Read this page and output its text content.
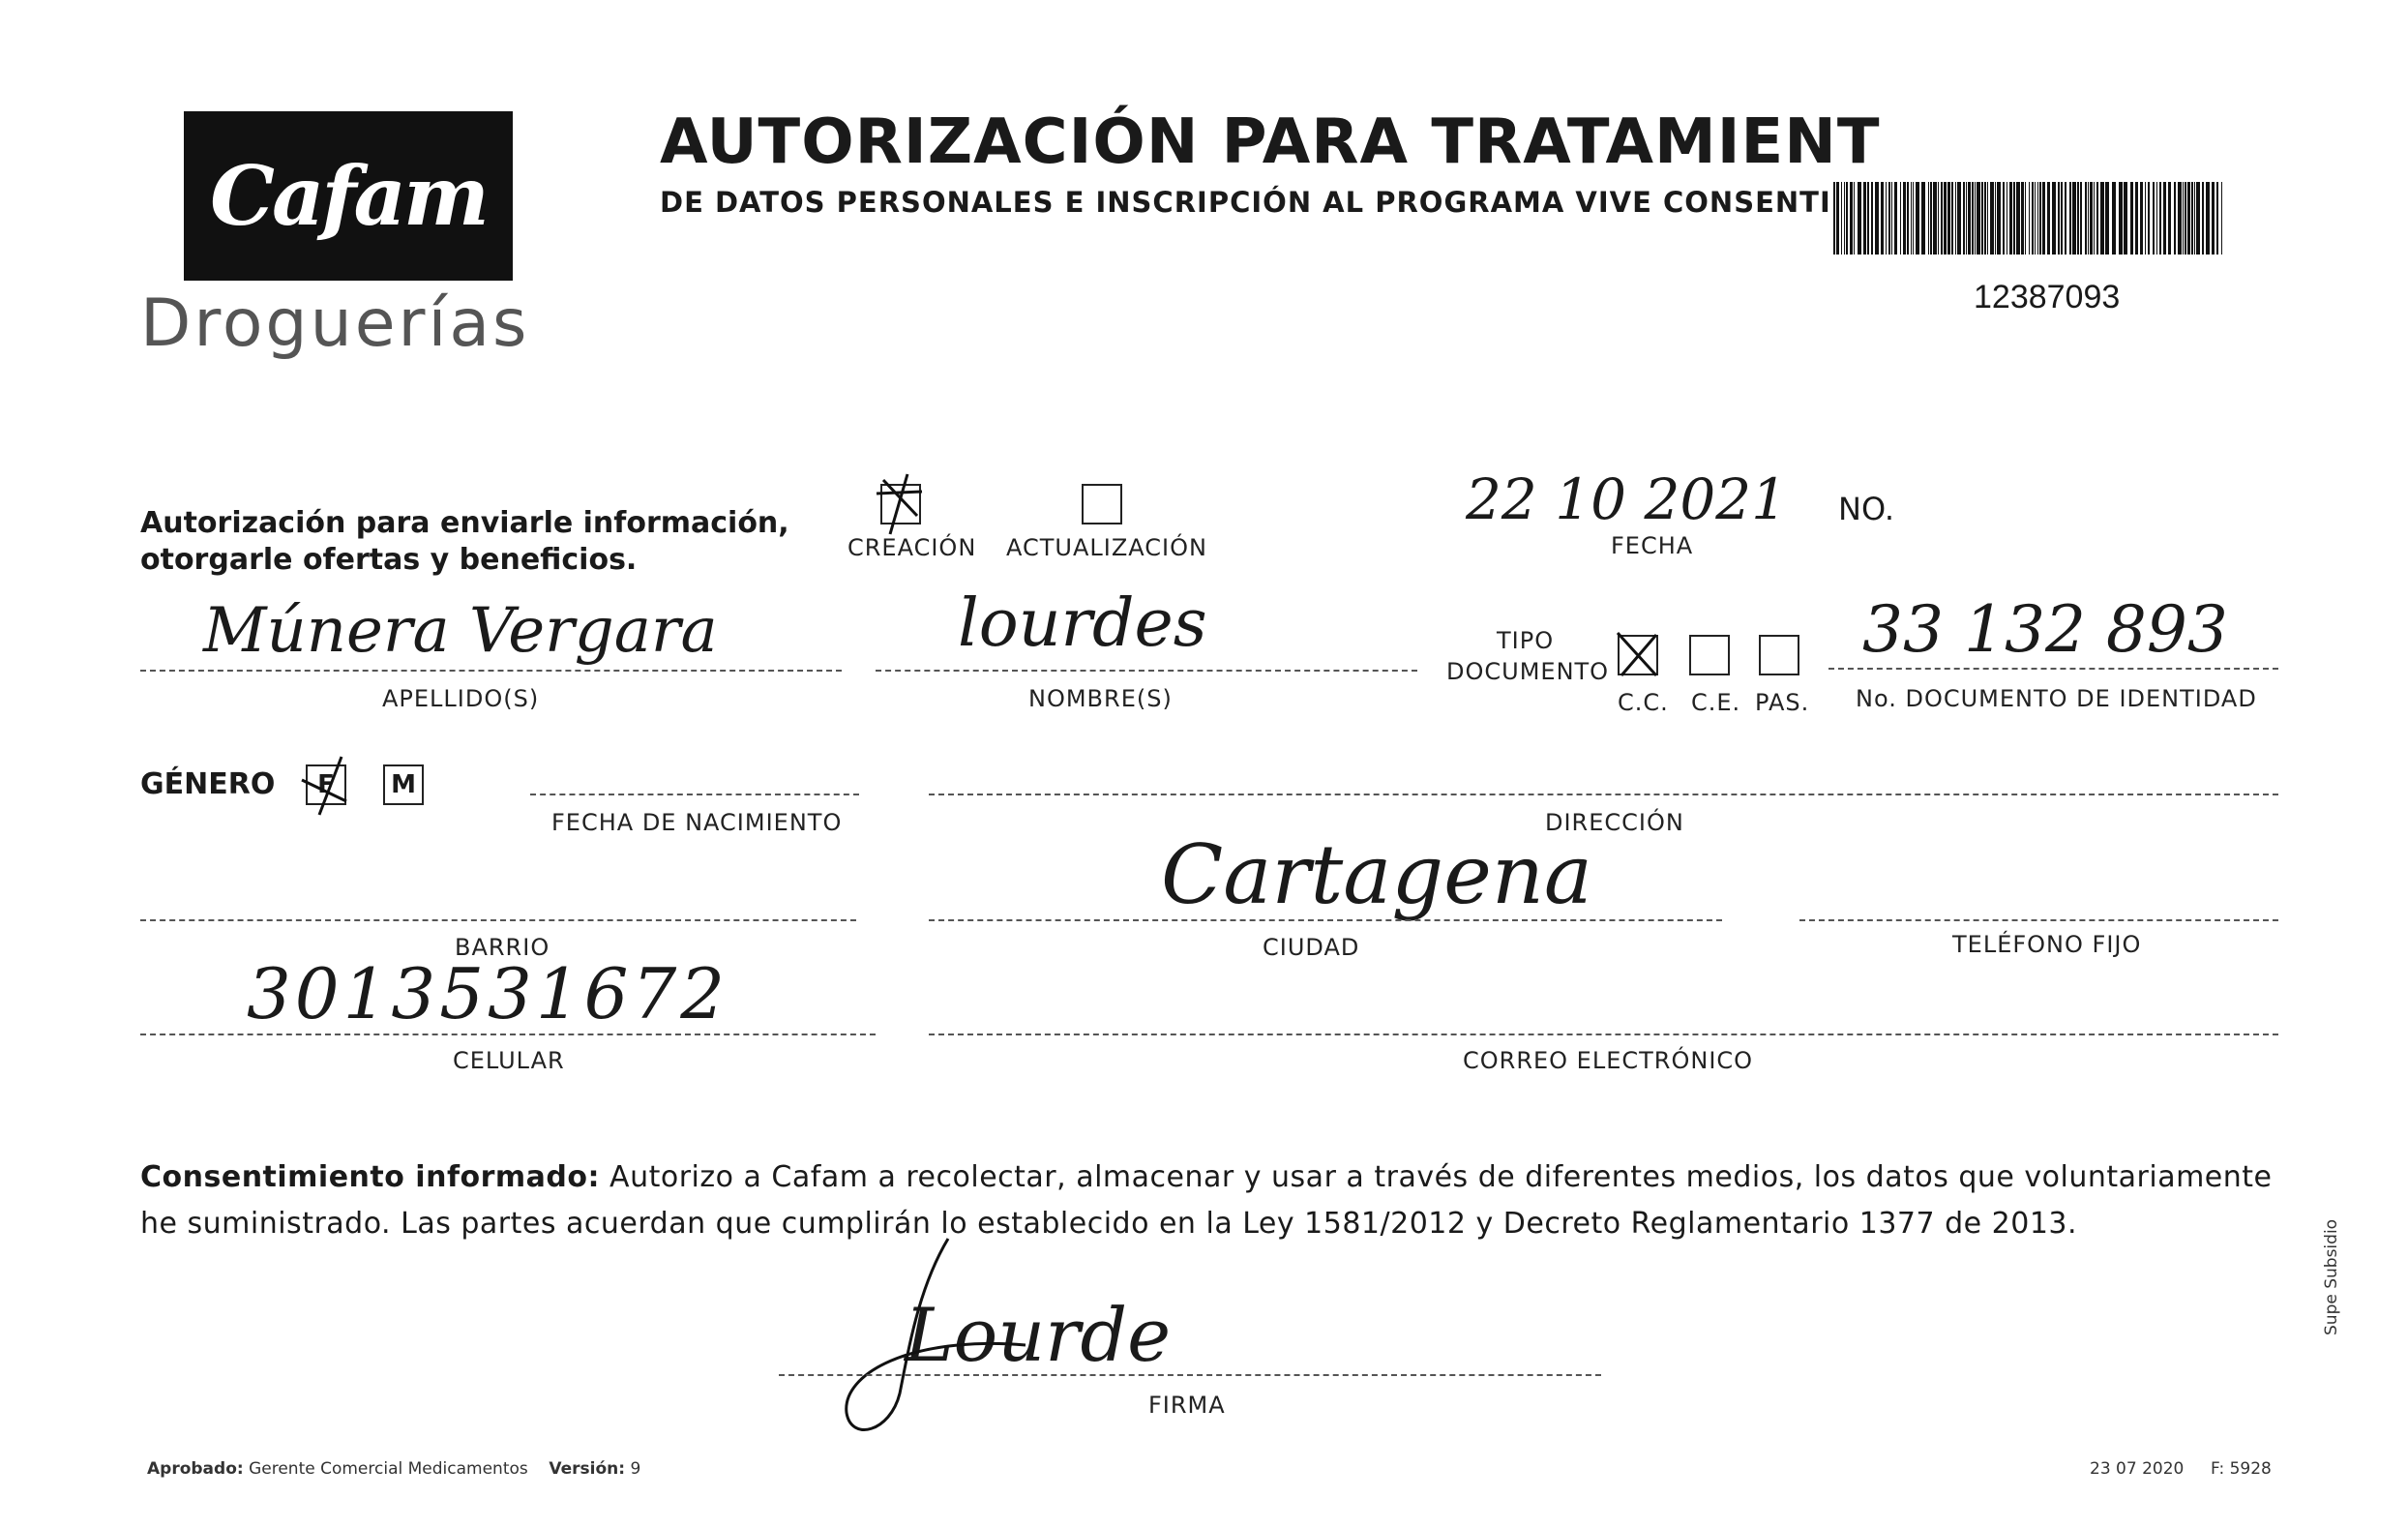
Cafam
Droguerías
AUTORIZACIÓN PARA TRATAMIENT
DE DATOS PERSONALES E INSCRIPCIÓN AL PROGRAMA VIVE CONSENTI
12387093
Autorización para enviarle información,
otorgarle ofertas y beneficios.	CREACIÓN ACTUALIZACIÓN
22 10 2021
FECHA
NO.
Múnera Vergara
APELLIDO(S)
lourdes
NOMBRE(S)
TIPO
DOCUMENTO
C.C. C.E. PAS.
33 132 893
No. DOCUMENTO DE IDENTIDAD
GÉNERO	F	M
FECHA DE NACIMIENTO	DIRECCIÓN
BARRIO
Cartagena
CIUDAD	TELÉFONO FIJO
3013531672
CELULAR	CORREO ELECTRÓNICO
Consentimiento informado: Autorizo a Cafam a recolectar, almacenar y usar a través de diferentes medios, los datos que voluntariamente he suministrado. Las partes acuerdan que cumplirán lo establecido en la Ley 1581/2012 y Decreto Reglamentario 1377 de 2013.
Lourde
FIRMA
Aprobado: Gerente Comercial Medicamentos Versión: 9	23 07 2020 F: 5928
Supe Subsidio
